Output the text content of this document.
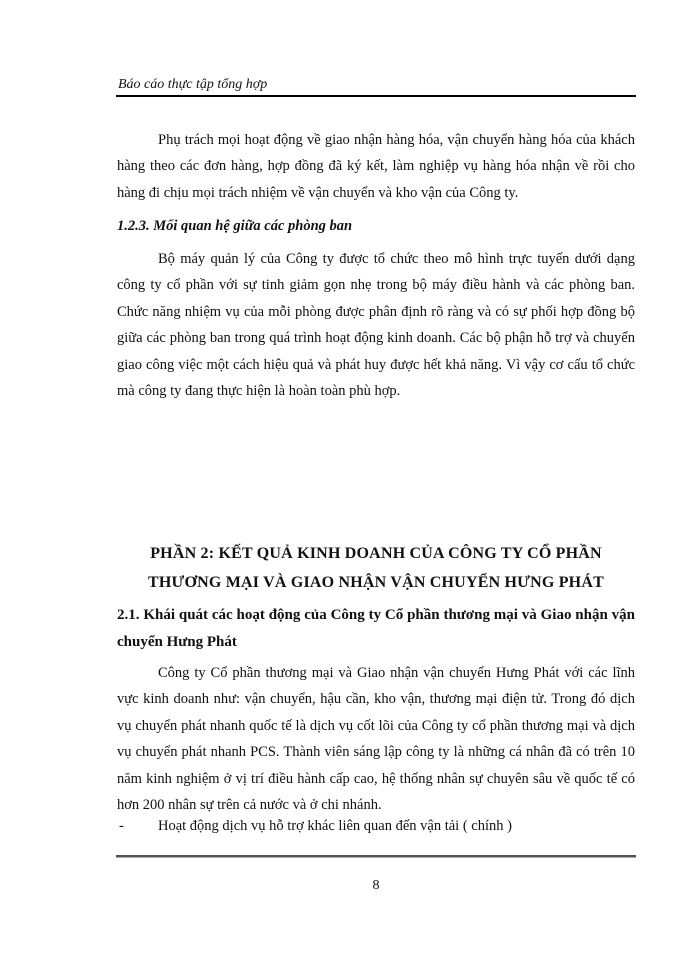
Báo cáo thực tập tổng hợp

Phụ trách mọi hoạt động về giao nhận hàng hóa, vận chuyển hàng hóa của khách hàng theo các đơn hàng, hợp đồng đã ký kết, làm nghiệp vụ hàng hóa nhận về rồi cho hàng đi chịu mọi trách nhiệm về vận chuyển và kho vận của Công ty.

1.2.3. Mối quan hệ giữa các phòng ban

Bộ máy quản lý của Công ty được tổ chức theo mô hình trực tuyến dưới dạng công ty cổ phần với sự tinh giảm gọn nhẹ trong bộ máy điều hành và các phòng ban. Chức năng nhiệm vụ của mỗi phòng được phân định rõ ràng và có sự phối hợp đồng bộ giữa các phòng ban trong quá trình hoạt động kinh doanh. Các bộ phận hỗ trợ và chuyển giao công việc một cách hiệu quả và phát huy được hết khả năng. Vì vậy cơ cấu tổ chức mà công ty đang thực hiện là hoàn toàn phù hợp.

PHẦN 2: KẾT QUẢ KINH DOANH CỦA CÔNG TY CỔ PHẦN
THƯƠNG MẠI VÀ GIAO NHẬN VẬN CHUYỂN HƯNG PHÁT
2.1. Khái quát các hoạt động của Công ty Cổ phần thương mại và Giao nhận vận chuyển Hưng Phát

Công ty Cổ phần thương mại và Giao nhận vận chuyển Hưng Phát với các lĩnh vực kinh doanh như: vận chuyển, hậu cần, kho vận, thương mại điện tử. Trong đó dịch vụ chuyển phát nhanh quốc tế là dịch vụ cốt lõi của Công ty cổ phần thương mại và dịch vụ chuyển phát nhanh PCS. Thành viên sáng lập công ty là những cá nhân đã có trên 10 năm kinh nghiệm ở vị trí điều hành cấp cao, hệ thống nhân sự chuyên sâu về quốc tế có hơn 200 nhân sự trên cả nước và ở chi nhánh.

- Hoạt động dịch vụ hỗ trợ khác liên quan đến vận tải ( chính )
8
